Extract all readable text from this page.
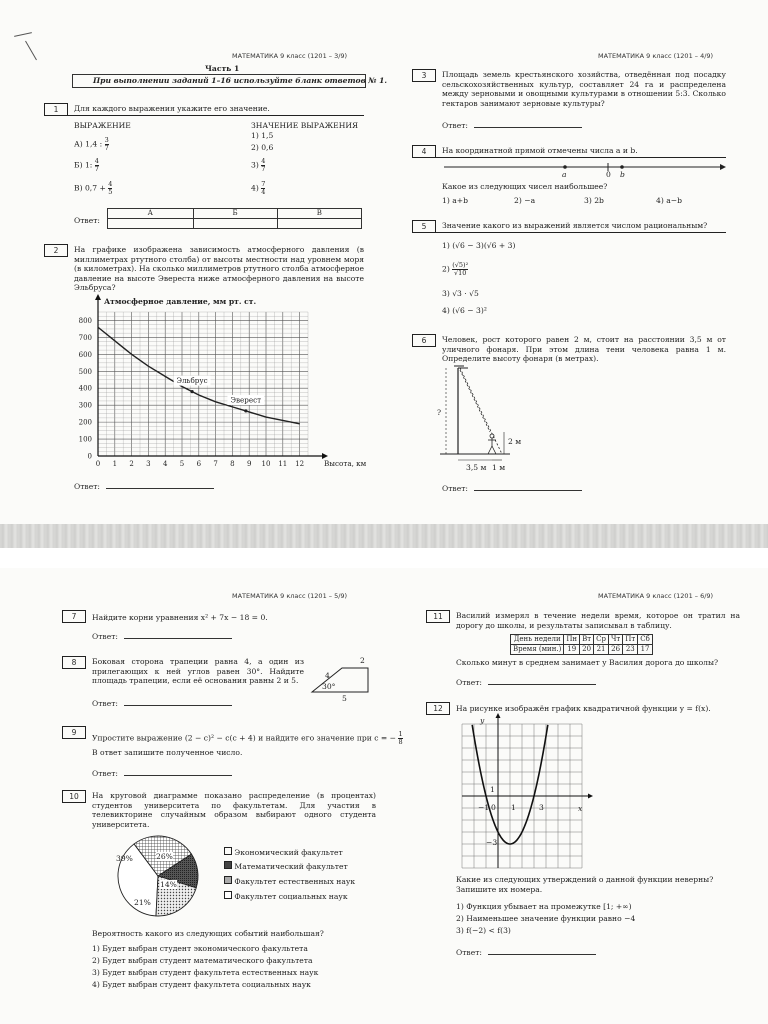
МАТЕМАТИКА 9 класс (1201 – 3/9)	МАТЕМАТИКА 9 класс (1201 – 4/9)
Часть 1
При выполнении заданий 1–16 используйте бланк ответов № 1.
1	Для каждого выражения укажите его значение.
ВЫРАЖЕНИЕ	ЗНАЧЕНИЕ ВЫРАЖЕНИЯ
А) 1,4 : $\frac{3}{7}$
Б) 1: $\frac{4}{7}$
В) $0,7 + \frac{4}{5}$
1) 1,5
2) 0,6
$3) \frac{4}{7}$
$4) \frac{7}{4}$
Ответ:
А	Б	В

2	На графике изображена зависимость атмосферного давления (в миллиметрах ртутного столба) от высоты местности над уровнем моря (в километрах). На сколько миллиметров ртутного столба атмосферное давление на высоте Эвереста ниже атмосферного давления на высоте Эльбруса?
0
100
200
300
400
500
600
700
800
0 1 2 3 4 5 6 7 8 9 10 11 12
Атмосферное давление, мм рт. ст.
Высота, км
Эльбрус
Эверест
Ответ:
3	Площадь земель крестьянского хозяйства, отведённая под посадку сельскохозяйственных культур, составляет 24 га и распределена между зерновыми и овощными культурами в отношении 5:3. Сколько гектаров занимают зерновые культуры?
Ответ:
4	На координатной прямой отмечены числа a и b.
a	0 b
Какое из следующих чисел наибольшее?
1) a+b	2) −a	3) 2b	4) a−b
5	Значение какого из выражений является числом рациональным?
1) (√6 − 3)(√6 + 3)
$2) \frac{\text{(√5)²}}{√10}$
3) √3 · √5
4) (√6 − 3)²
6	Человек, рост которого равен 2 м, стоит на расстоянии 3,5 м от уличного фонаря. При этом длина тени человека равна 1 м. Определите высоту фонаря (в метрах).
?
2 м
3,5 м 1 м
Ответ:
МАТЕМАТИКА 9 класс (1201 – 5/9)	МАТЕМАТИКА 9 класс (1201 – 6/9)
7	Найдите корни уравнения x² + 7x − 18 = 0.
Ответ:
8	Боковая сторона трапеции равна 4, а один из прилегающих к ней углов равен 30°. Найдите площадь трапеции, если её основания равны 2 и 5.
2
4
30°
5
Ответ:
9
Упростите выражение (2 − c)² − c(c + 4) и найдите его значение при c = − $\frac{1}{8}$
В ответ запишите полученное число.
Ответ:
10	На круговой диаграмме показано распределение (в процентах) студентов университета по факультетам. Для участия в телевикторине случайным образом выбирают одного студента университета.
39%	26%
14%
21%
Экономический факультет
Математический факультет
Факультет естественных наук
Факультет социальных наук
Вероятность какого из следующих событий наибольшая?
1) Будет выбран студент экономического факультета
2) Будет выбран студент математического факультета
3) Будет выбран студент факультета естественных наук
4) Будет выбран студент факультета социальных наук
11	Василий измерял в течение недели время, которое он тратил на дорогу до школы, и результаты записывал в таблицу.
День недели	Пн	Вт	Ср	Чт	Пт	Сб
Время (мин.)	19	20	21	26	23	17
Сколько минут в среднем занимает у Василия дорога до школы?
Ответ:
12	На рисунке изображён график квадратичной функции y = f(x).
y
x
1
−1 0 1	3
−3
Какие из следующих утверждений о данной функции неверны? Запишите их номера.
1) Функция убывает на промежутке [1; +∞)
2) Наименьшее значение функции равно −4
3) f(−2) < f(3)
Ответ:
